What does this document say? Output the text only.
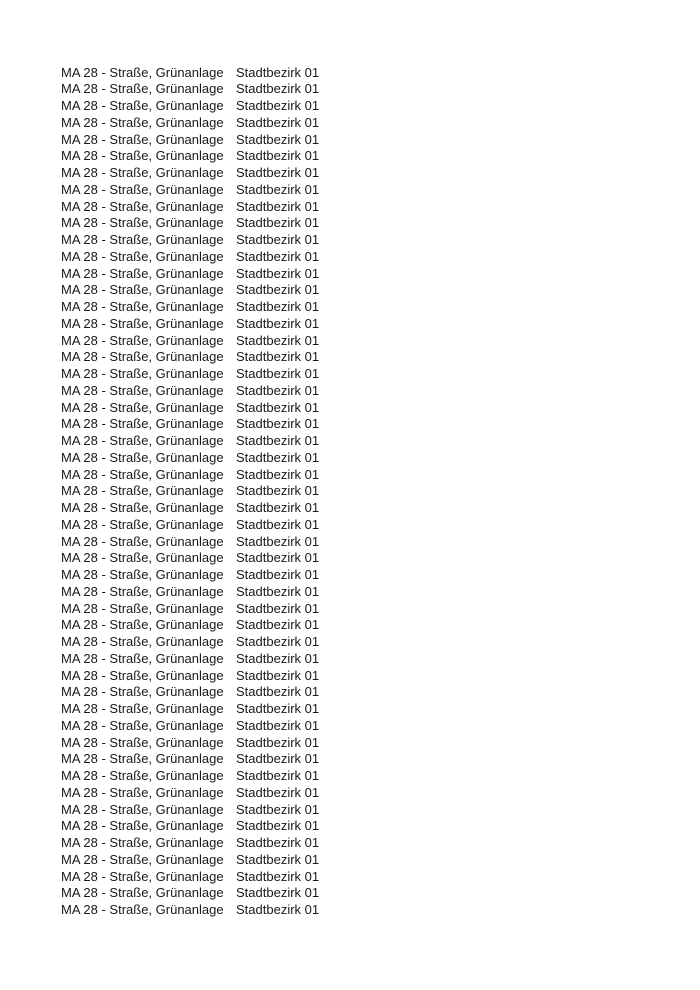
MA 28 - Straße, Grünanlage Stadtbezirk 01
MA 28 - Straße, Grünanlage Stadtbezirk 01
MA 28 - Straße, Grünanlage Stadtbezirk 01
MA 28 - Straße, Grünanlage Stadtbezirk 01
MA 28 - Straße, Grünanlage Stadtbezirk 01
MA 28 - Straße, Grünanlage Stadtbezirk 01
MA 28 - Straße, Grünanlage Stadtbezirk 01
MA 28 - Straße, Grünanlage Stadtbezirk 01
MA 28 - Straße, Grünanlage Stadtbezirk 01
MA 28 - Straße, Grünanlage Stadtbezirk 01
MA 28 - Straße, Grünanlage Stadtbezirk 01
MA 28 - Straße, Grünanlage Stadtbezirk 01
MA 28 - Straße, Grünanlage Stadtbezirk 01
MA 28 - Straße, Grünanlage Stadtbezirk 01
MA 28 - Straße, Grünanlage Stadtbezirk 01
MA 28 - Straße, Grünanlage Stadtbezirk 01
MA 28 - Straße, Grünanlage Stadtbezirk 01
MA 28 - Straße, Grünanlage Stadtbezirk 01
MA 28 - Straße, Grünanlage Stadtbezirk 01
MA 28 - Straße, Grünanlage Stadtbezirk 01
MA 28 - Straße, Grünanlage Stadtbezirk 01
MA 28 - Straße, Grünanlage Stadtbezirk 01
MA 28 - Straße, Grünanlage Stadtbezirk 01
MA 28 - Straße, Grünanlage Stadtbezirk 01
MA 28 - Straße, Grünanlage Stadtbezirk 01
MA 28 - Straße, Grünanlage Stadtbezirk 01
MA 28 - Straße, Grünanlage Stadtbezirk 01
MA 28 - Straße, Grünanlage Stadtbezirk 01
MA 28 - Straße, Grünanlage Stadtbezirk 01
MA 28 - Straße, Grünanlage Stadtbezirk 01
MA 28 - Straße, Grünanlage Stadtbezirk 01
MA 28 - Straße, Grünanlage Stadtbezirk 01
MA 28 - Straße, Grünanlage Stadtbezirk 01
MA 28 - Straße, Grünanlage Stadtbezirk 01
MA 28 - Straße, Grünanlage Stadtbezirk 01
MA 28 - Straße, Grünanlage Stadtbezirk 01
MA 28 - Straße, Grünanlage Stadtbezirk 01
MA 28 - Straße, Grünanlage Stadtbezirk 01
MA 28 - Straße, Grünanlage Stadtbezirk 01
MA 28 - Straße, Grünanlage Stadtbezirk 01
MA 28 - Straße, Grünanlage Stadtbezirk 01
MA 28 - Straße, Grünanlage Stadtbezirk 01
MA 28 - Straße, Grünanlage Stadtbezirk 01
MA 28 - Straße, Grünanlage Stadtbezirk 01
MA 28 - Straße, Grünanlage Stadtbezirk 01
MA 28 - Straße, Grünanlage Stadtbezirk 01
MA 28 - Straße, Grünanlage Stadtbezirk 01
MA 28 - Straße, Grünanlage Stadtbezirk 01
MA 28 - Straße, Grünanlage Stadtbezirk 01
MA 28 - Straße, Grünanlage Stadtbezirk 01
MA 28 - Straße, Grünanlage Stadtbezirk 01
